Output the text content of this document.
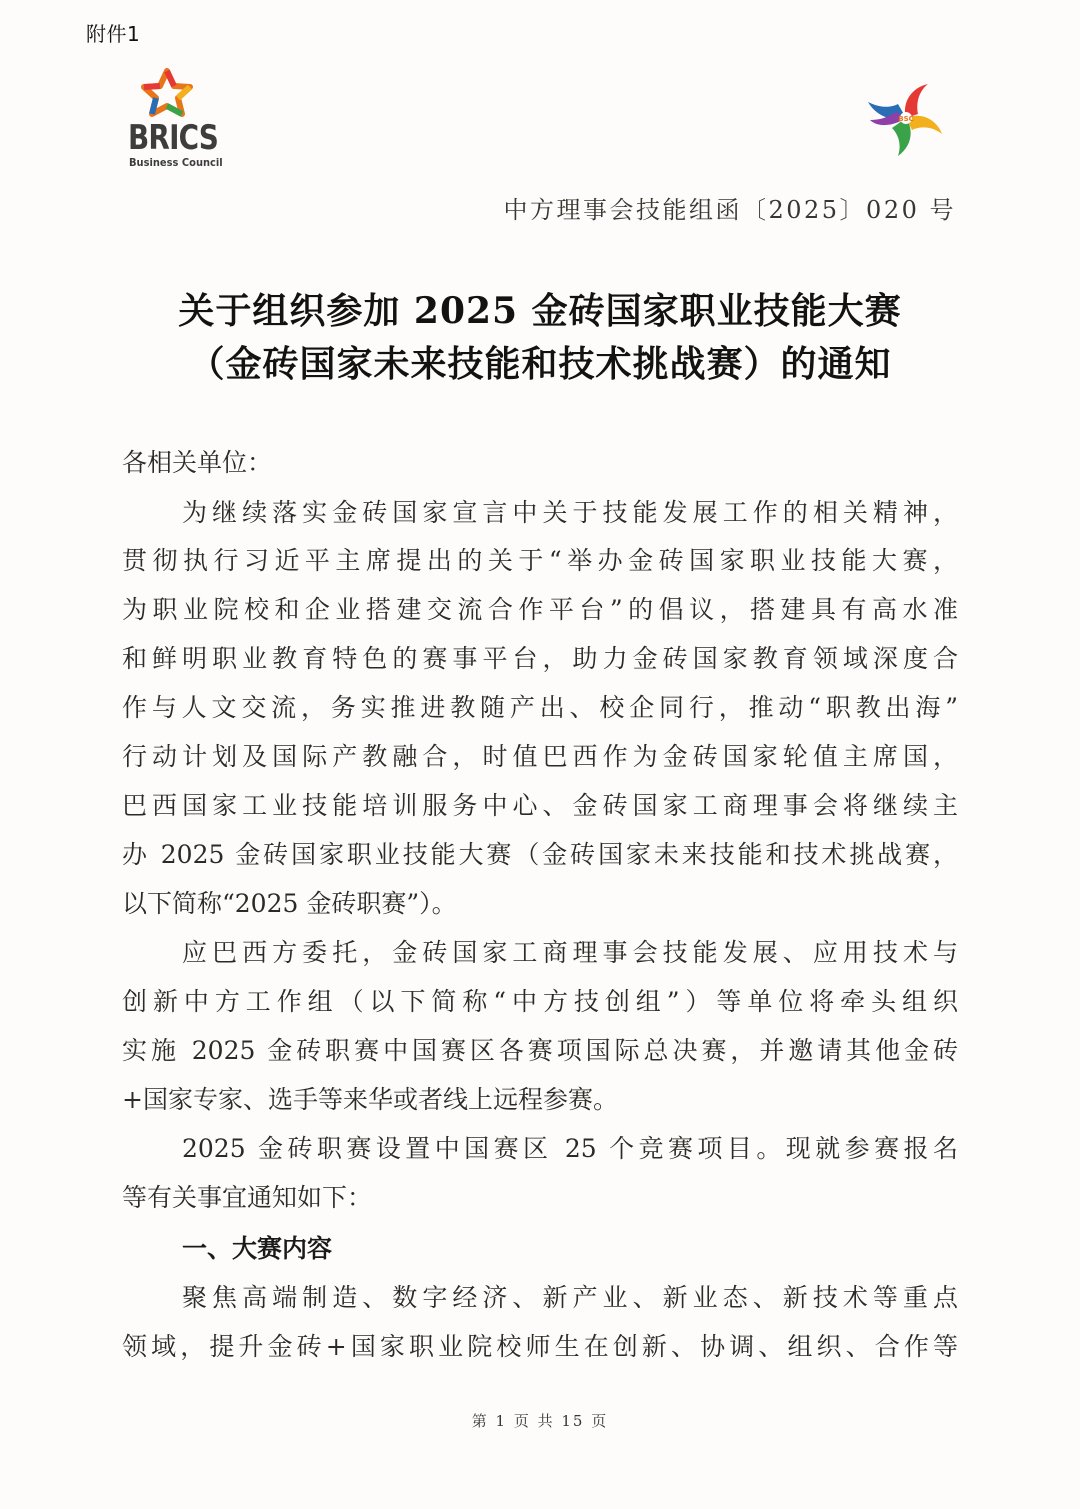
附件1
BRICS
Business Council
BSC
中方理事会技能组函〔2025〕020 号
关于组织参加 2025 金砖国家职业技能大赛
（金砖国家未来技能和技术挑战赛）的通知
各相关单位：
为继续落实金砖国家宣言中关于技能发展工作的相关精神，
贯彻执行习近平主席提出的关于“举办金砖国家职业技能大赛，
为职业院校和企业搭建交流合作平台”的倡议，搭建具有高水准
和鲜明职业教育特色的赛事平台，助力金砖国家教育领域深度合
作与人文交流，务实推进教随产出、校企同行，推动“职教出海”
行动计划及国际产教融合，时值巴西作为金砖国家轮值主席国，
巴西国家工业技能培训服务中心、金砖国家工商理事会将继续主
办 2025 金砖国家职业技能大赛（金砖国家未来技能和技术挑战赛，
以下简称“2025 金砖职赛”）。
应巴西方委托，金砖国家工商理事会技能发展、应用技术与
创新中方工作组（以下简称“中方技创组”）等单位将牵头组织
实施 2025 金砖职赛中国赛区各赛项国际总决赛，并邀请其他金砖
+国家专家、选手等来华或者线上远程参赛。
2025 金砖职赛设置中国赛区 25 个竞赛项目。现就参赛报名
等有关事宜通知如下：
一、大赛内容
聚焦高端制造、数字经济、新产业、新业态、新技术等重点
领域，提升金砖+国家职业院校师生在创新、协调、组织、合作等
第 1 页 共 15 页
